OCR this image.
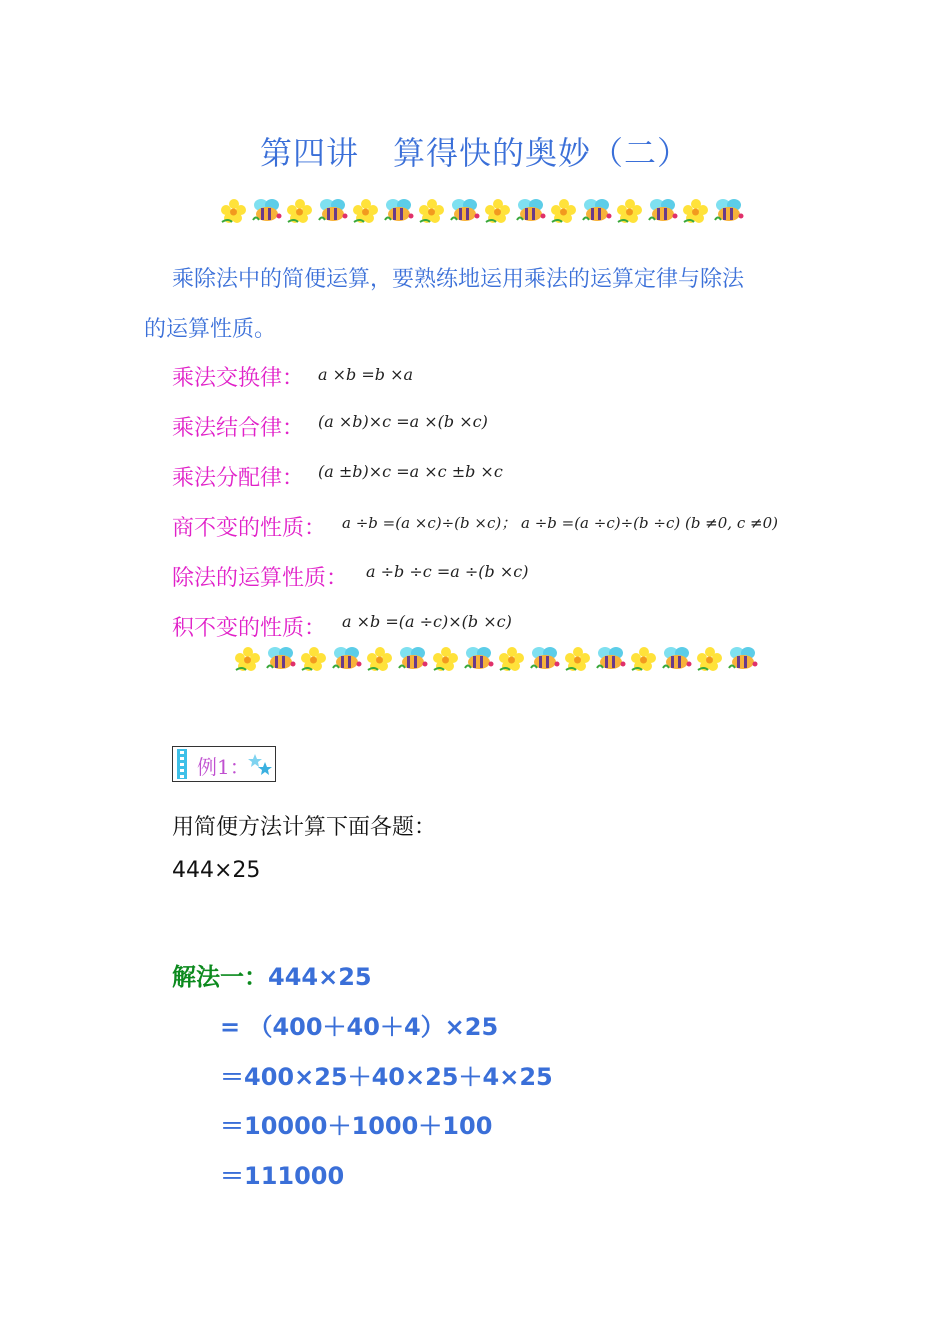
第四讲 算得快的奥妙（二）
乘除法中的简便运算，要熟练地运用乘法的运算定律与除法
的运算性质。
乘法交换律： a ×b =b ×a
乘法结合律： (a ×b)×c =a ×(b ×c)
乘法分配律： (a ±b)×c =a ×c ±b ×c
商不变的性质： a ÷b =(a ×c)÷(b ×c)； a ÷b =(a ÷c)÷(b ÷c) (b ≠0, c ≠0)
除法的运算性质： a ÷b ÷c =a ÷(b ×c)
积不变的性质： a ×b =(a ÷c)×(b ×c)
例1：
用简便方法计算下面各题：
444×25
解法一：444×25
= （400＋40＋4）×25
＝400×25＋40×25＋4×25
＝10000＋1000＋100
＝111000
